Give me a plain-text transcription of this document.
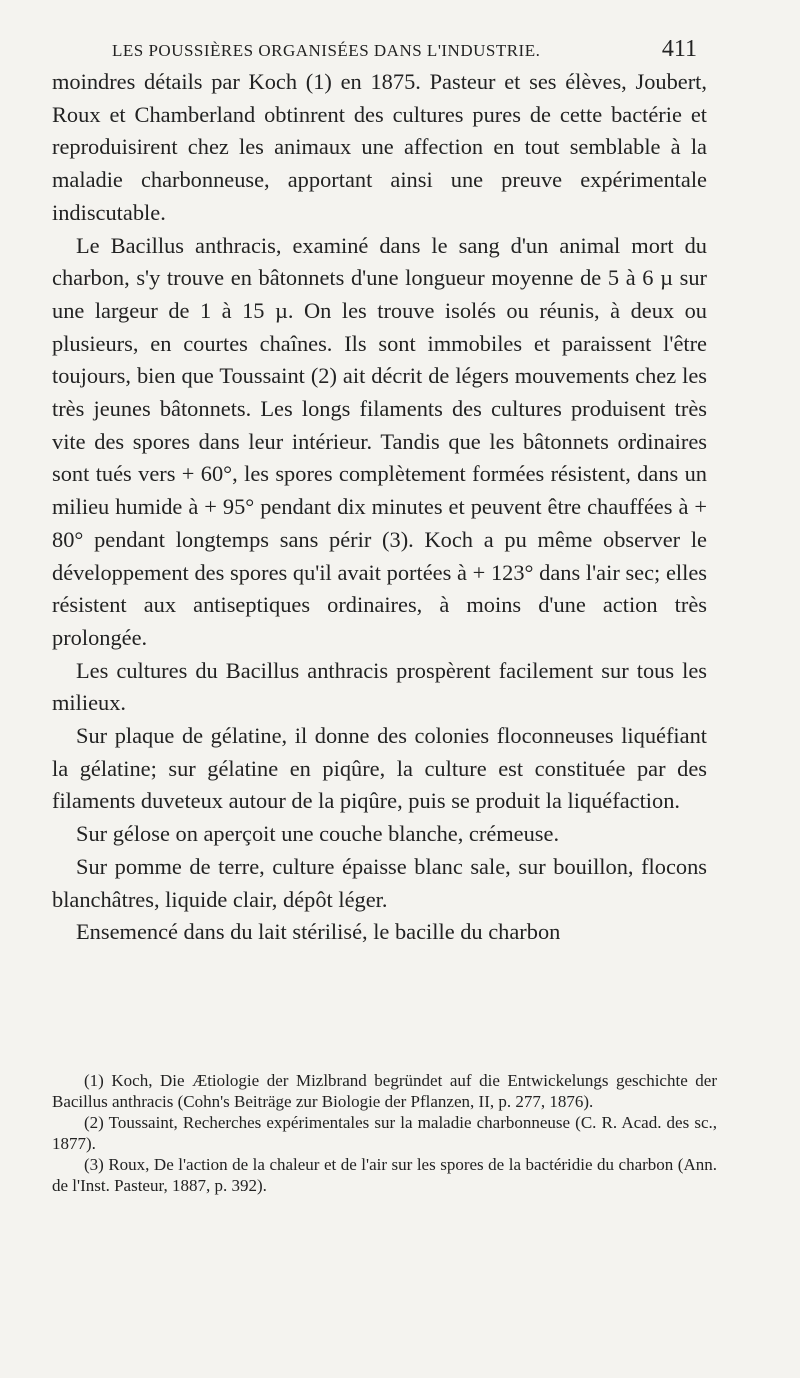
LES POUSSIÈRES ORGANISÉES DANS L'INDUSTRIE.	411

moindres détails par Koch (1) en 1875. Pasteur et ses élèves, Joubert, Roux et Chamberland obtinrent des cultures pures de cette bactérie et reproduisirent chez les animaux une affection en tout semblable à la maladie charbonneuse, apportant ainsi une preuve expérimentale indiscutable.

Le Bacillus anthracis, examiné dans le sang d'un animal mort du charbon, s'y trouve en bâtonnets d'une longueur moyenne de 5 à 6 µ sur une largeur de 1 à 15 µ. On les trouve isolés ou réunis, à deux ou plusieurs, en courtes chaînes. Ils sont immobiles et paraissent l'être toujours, bien que Toussaint (2) ait décrit de légers mouvements chez les très jeunes bâtonnets. Les longs filaments des cultures produisent très vite des spores dans leur intérieur. Tandis que les bâtonnets ordinaires sont tués vers + 60°, les spores complètement formées résistent, dans un milieu humide à + 95° pendant dix minutes et peuvent être chauffées à + 80° pendant longtemps sans périr (3). Koch a pu même observer le développement des spores qu'il avait portées à + 123° dans l'air sec; elles résistent aux antiseptiques ordinaires, à moins d'une action très prolongée.

Les cultures du Bacillus anthracis prospèrent facilement sur tous les milieux.

Sur plaque de gélatine, il donne des colonies floconneuses liquéfiant la gélatine; sur gélatine en piqûre, la culture est constituée par des filaments duveteux autour de la piqûre, puis se produit la liquéfaction.

Sur gélose on aperçoit une couche blanche, crémeuse.

Sur pomme de terre, culture épaisse blanc sale, sur bouillon, flocons blanchâtres, liquide clair, dépôt léger.

Ensemencé dans du lait stérilisé, le bacille du charbon

(1) Koch, Die Ætiologie der Mizlbrand begründet auf die Entwickelungs geschichte der Bacillus anthracis (Cohn's Beiträge zur Biologie der Pflanzen, II, p. 277, 1876).

(2) Toussaint, Recherches expérimentales sur la maladie charbonneuse (C. R. Acad. des sc., 1877).

(3) Roux, De l'action de la chaleur et de l'air sur les spores de la bactéridie du charbon (Ann. de l'Inst. Pasteur, 1887, p. 392).
